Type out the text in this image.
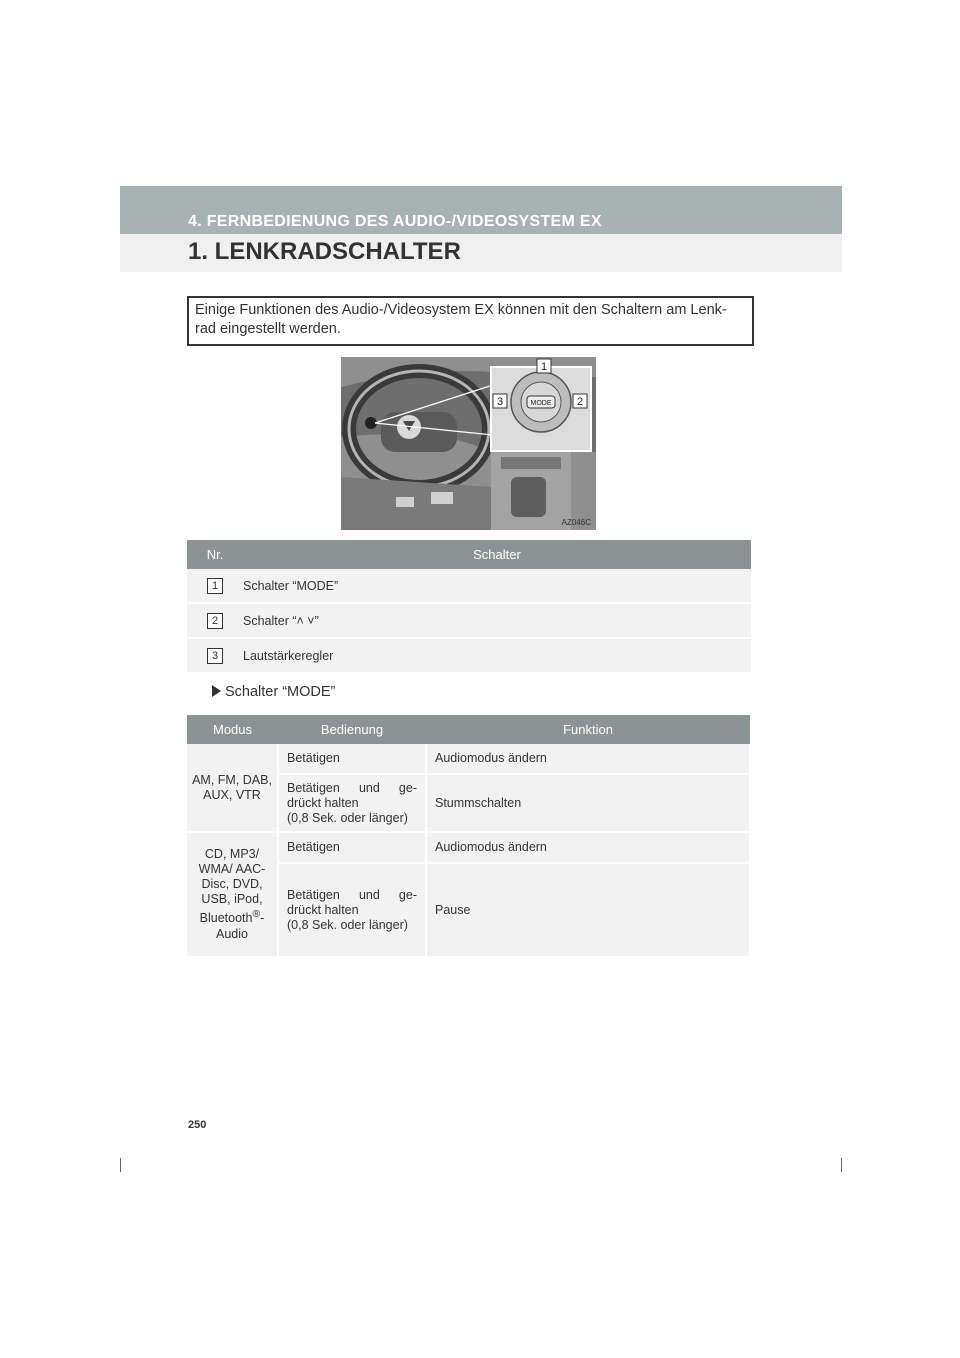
4. FERNBEDIENUNG DES AUDIO-/VIDEOSYSTEM EX
1. LENKRADSCHALTER
Einige Funktionen des Audio-/Videosystem EX können mit den Schaltern am Lenk-rad eingestellt werden.
MODE
1
2
3
AZ046C
Nr.	Schalter
1	Schalter “MODE”
2	Schalter “˄ ˅”
3	Lautstärkeregler
Schalter “MODE”
Modus	Bedienung	Funktion
AM, FM, DAB, AUX, VTR	Betätigen	Audiomodus ändern

	Betätigen und ge-
drückt halten
(0,8 Sek. oder länger)	Stummschalten
CD, MP3/ WMA/ AAC-Disc, DVD, USB, iPod, Bluetooth®- Audio	Betätigen	Audiomodus ändern

	Betätigen und ge-
drückt halten
(0,8 Sek. oder länger)	Pause
250
